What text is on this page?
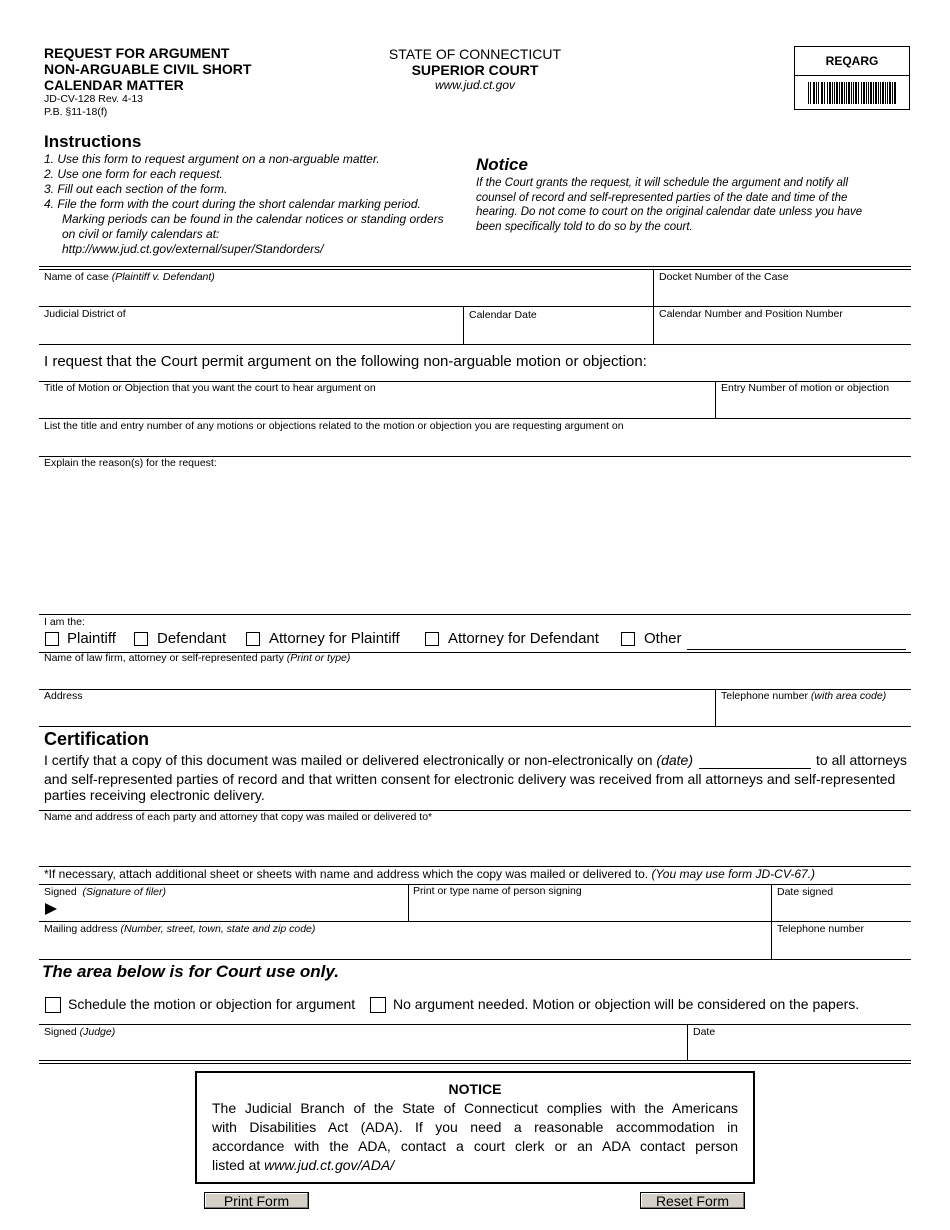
REQUEST FOR ARGUMENT
NON-ARGUABLE CIVIL SHORT
CALENDAR MATTER
JD-CV-128 Rev. 4-13
P.B. §11-18(f)
STATE OF CONNECTICUT
SUPERIOR COURT
www.jud.ct.gov
REQARG
Instructions
1. Use this form to request argument on a non-arguable matter.
2. Use one form for each request.
3. Fill out each section of the form.
4. File the form with the court during the short calendar marking period.
Marking periods can be found in the calendar notices or standing orders
on civil or family calendars at:
http://www.jud.ct.gov/external/super/Standorders/
Notice
If the Court grants the request, it will schedule the argument and notify all
counsel of record and self-represented parties of the date and time of the
hearing. Do not come to court on the original calendar date unless you have
been specifically told to do so by the court.
Name of case (Plaintiff v. Defendant)	Docket Number of the Case
Judicial District of	Calendar Date	Calendar Number and Position Number
I request that the Court permit argument on the following non-arguable motion or objection:
Title of Motion or Objection that you want the court to hear argument on	Entry Number of motion or objection
List the title and entry number of any motions or objections related to the motion or objection you are requesting argument on
Explain the reason(s) for the request:
I am the:
Plaintiff	Defendant	Attorney for Plaintiff	Attorney for Defendant	Other
Name of law firm, attorney or self-represented party (Print or type)
Address	Telephone number (with area code)
Certification
I certify that a copy of this document was mailed or delivered electronically or non-electronically on (date)	to all attorneys
and self-represented parties of record and that written consent for electronic delivery was received from all attorneys and self-represented
parties receiving electronic delivery.
Name and address of each party and attorney that copy was mailed or delivered to*
*If necessary, attach additional sheet or sheets with name and address which the copy was mailed or delivered to. (You may use form JD-CV-67.)
Signed (Signature of filer)	Print or type name of person signing	Date signed
Mailing address (Number, street, town, state and zip code)	Telephone number
The area below is for Court use only.
Schedule the motion or objection for argument	No argument needed. Motion or objection will be considered on the papers.
Signed (Judge)	Date
NOTICE
The Judicial Branch of the State of Connecticut complies with the Americans
with Disabilities Act (ADA). If you need a reasonable accommodation in
accordance with the ADA, contact a court clerk or an ADA contact person
listed at www.jud.ct.gov/ADA/
Print Form	Reset Form
